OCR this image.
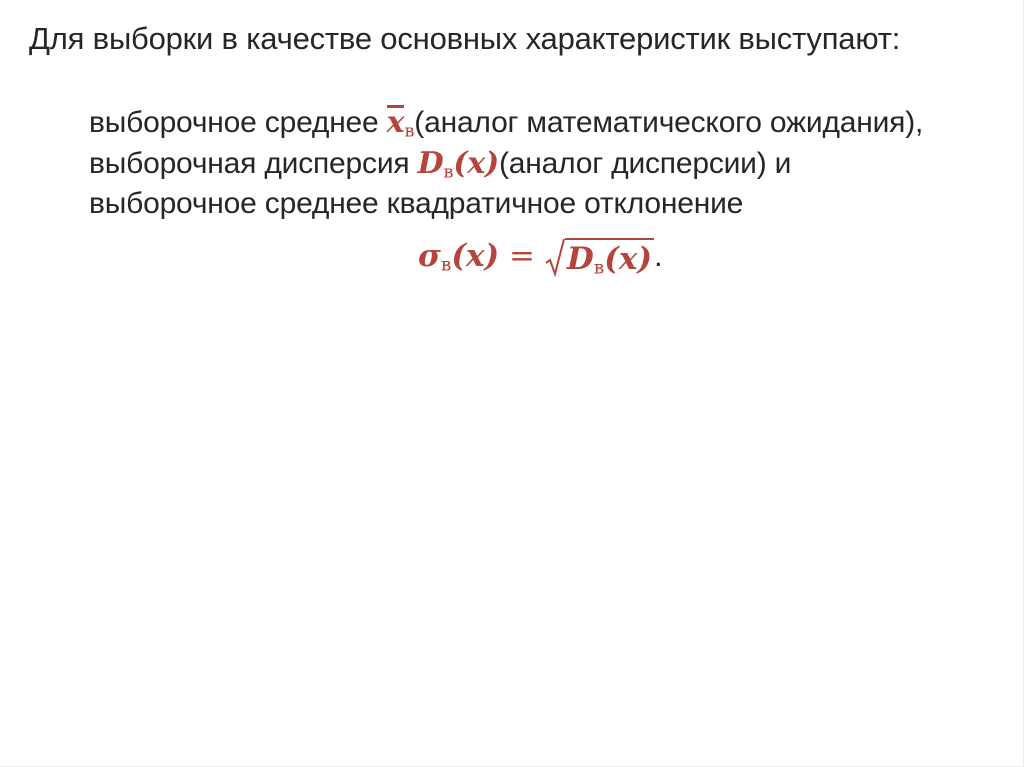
Для выборки в качестве основных характеристик выступают:
выборочное среднее $x_в(аналог$ математического ожидания),
выборочная дисперсия $D_в(x)(аналог$ дисперсии) и
выборочное среднее квадратичное отклонение
$\sigma_в(x) = D_в(x)$ .
